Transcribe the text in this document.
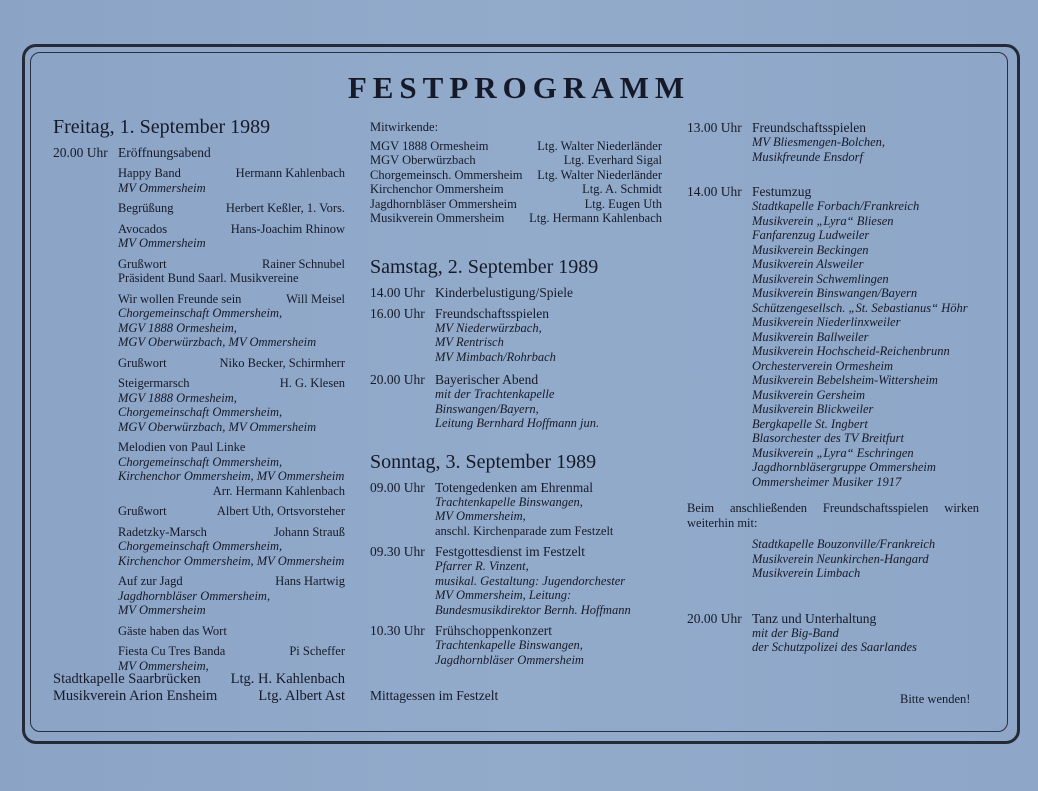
FESTPROGRAMM
Freitag, 1. September 1989
20.00 Uhr Eröffnungsabend
Happy Band	Hermann Kahlenbach
MV Ommersheim
Begrüßung	Herbert Keßler, 1. Vors.
Avocados	Hans-Joachim Rhinow
MV Ommersheim
Grußwort	Rainer Schnubel
Präsident Bund Saarl. Musikvereine
Wir wollen Freunde sein	Will Meisel
Chorgemeinschaft Ommersheim,
MGV 1888 Ormesheim,
MGV Oberwürzbach, MV Ommersheim
Grußwort	Niko Becker, Schirmherr
Steigermarsch	H. G. Klesen
MGV 1888 Ormesheim,
Chorgemeinschaft Ommersheim,
MGV Oberwürzbach, MV Ommersheim
Melodien von Paul Linke
Chorgemeinschaft Ommersheim,
Kirchenchor Ommersheim, MV Ommersheim
Arr. Hermann Kahlenbach
Grußwort	Albert Uth, Ortsvorsteher
Radetzky-Marsch	Johann Strauß
Chorgemeinschaft Ommersheim,
Kirchenchor Ommersheim, MV Ommersheim
Auf zur Jagd	Hans Hartwig
Jagdhornbläser Ommersheim,
MV Ommersheim
Gäste haben das Wort
Fiesta Cu Tres Banda	Pi Scheffer
MV Ommersheim,
Stadtkapelle Saarbrücken Ltg. H. Kahlenbach
Musikverein Arion Ensheim	Ltg. Albert Ast
Mitwirkende:
MGV 1888 Ormesheim	Ltg. Walter Niederländer
MGV Oberwürzbach	Ltg. Everhard Sigal
Chorgemeinsch. Ommersheim Ltg. Walter Niederländer
Kirchenchor Ommersheim	Ltg. A. Schmidt
Jagdhornbläser Ommersheim	Ltg. Eugen Uth
Musikverein Ommersheim Ltg. Hermann Kahlenbach
Samstag, 2. September 1989
14.00 Uhr Kinderbelustigung/Spiele
16.00 Uhr Freundschaftsspielen
MV Niederwürzbach,
MV Rentrisch
MV Mimbach/Rohrbach
20.00 Uhr Bayerischer Abend
mit der Trachtenkapelle
Binswangen/Bayern,
Leitung Bernhard Hoffmann jun.
Sonntag, 3. September 1989
09.00 Uhr Totengedenken am Ehrenmal
Trachtenkapelle Binswangen,
MV Ommersheim,
anschl. Kirchenparade zum Festzelt
09.30 Uhr Festgottesdienst im Festzelt
Pfarrer R. Vinzent,
musikal. Gestaltung: Jugendorchester
MV Ommersheim, Leitung:
Bundesmusikdirektor Bernh. Hoffmann
10.30 Uhr Frühschoppenkonzert
Trachtenkapelle Binswangen,
Jagdhornbläser Ommersheim
Mittagessen im Festzelt
13.00 Uhr Freundschaftsspielen
MV Bliesmengen-Bolchen,
Musikfreunde Ensdorf
14.00 Uhr Festumzug
Stadtkapelle Forbach/Frankreich
Musikverein „Lyra“ Bliesen
Fanfarenzug Ludweiler
Musikverein Beckingen
Musikverein Alsweiler
Musikverein Schwemlingen
Musikverein Binswangen/Bayern
Schützengesellsch. „St. Sebastianus“ Höhr
Musikverein Niederlinxweiler
Musikverein Ballweiler
Musikverein Hochscheid-Reichenbrunn
Orchesterverein Ormesheim
Musikverein Bebelsheim-Wittersheim
Musikverein Gersheim
Musikverein Blickweiler
Bergkapelle St. Ingbert
Blasorchester des TV Breitfurt
Musikverein „Lyra“ Eschringen
Jagdhornbläsergruppe Ommersheim
Ommersheimer Musiker 1917
Beim anschließenden Freundschaftsspielen wirken weiterhin mit:
Stadtkapelle Bouzonville/Frankreich
Musikverein Neunkirchen-Hangard
Musikverein Limbach
20.00 Uhr Tanz und Unterhaltung
mit der Big-Band
der Schutzpolizei des Saarlandes
Bitte wenden!
